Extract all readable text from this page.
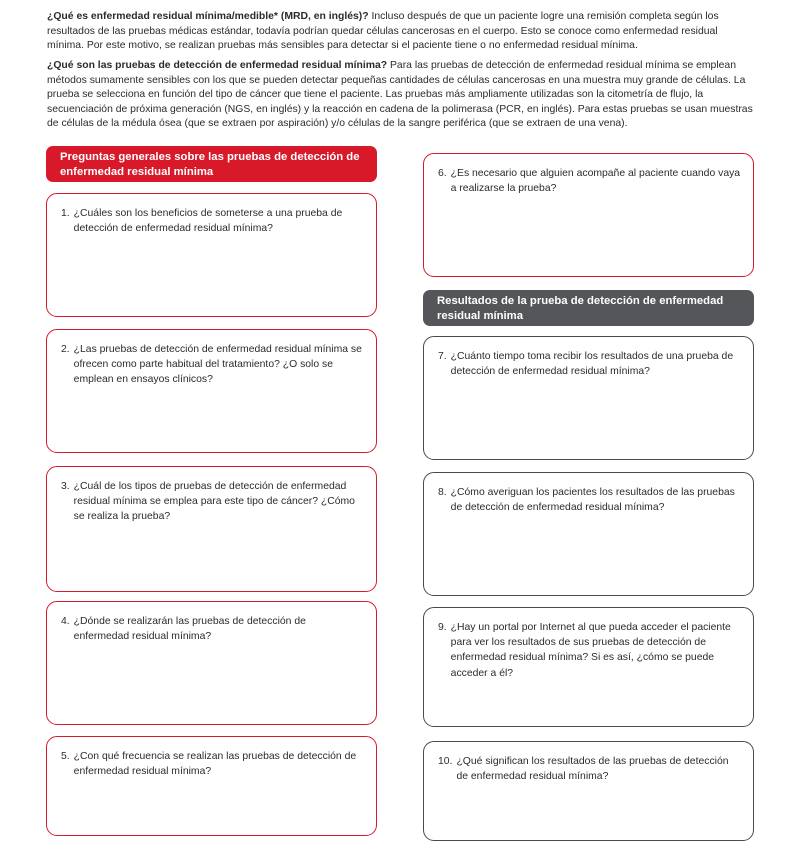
¿Qué es enfermedad residual mínima/medible* (MRD, en inglés)? Incluso después de que un paciente logre una remisión completa según los resultados de las pruebas médicas estándar, todavía podrían quedar células cancerosas en el cuerpo. Esto se conoce como enfermedad residual mínima. Por este motivo, se realizan pruebas más sensibles para detectar si el paciente tiene o no enfermedad residual mínima.

¿Qué son las pruebas de detección de enfermedad residual mínima? Para las pruebas de detección de enfermedad residual mínima se emplean métodos sumamente sensibles con los que se pueden detectar pequeñas cantidades de células cancerosas en una muestra muy grande de células. La prueba se selecciona en función del tipo de cáncer que tiene el paciente. Las pruebas más ampliamente utilizadas son la citometría de flujo, la secuenciación de próxima generación (NGS, en inglés) y la reacción en cadena de la polimerasa (PCR, en inglés). Para estas pruebas se usan muestras de células de la médula ósea (que se extraen por aspiración) y/o células de la sangre periférica (que se extraen de una vena).

Preguntas generales sobre las pruebas de detección de enfermedad residual mínima
Resultados de la prueba de detección de enfermedad residual mínima
1. ¿Cuáles son los beneficios de someterse a una prueba de detección de enfermedad residual mínima?
2. ¿Las pruebas de detección de enfermedad residual mínima se ofrecen como parte habitual del tratamiento? ¿O solo se emplean en ensayos clínicos?
3. ¿Cuál de los tipos de pruebas de detección de enfermedad residual mínima se emplea para este tipo de cáncer? ¿Cómo se realiza la prueba?
4. ¿Dónde se realizarán las pruebas de detección de enfermedad residual mínima?
5. ¿Con qué frecuencia se realizan las pruebas de detección de enfermedad residual mínima?
6. ¿Es necesario que alguien acompañe al paciente cuando vaya a realizarse la prueba?
7. ¿Cuánto tiempo toma recibir los resultados de una prueba de detección de enfermedad residual mínima?
8. ¿Cómo averiguan los pacientes los resultados de las pruebas de detección de enfermedad residual mínima?
9. ¿Hay un portal por Internet al que pueda acceder el paciente para ver los resultados de sus pruebas de detección de enfermedad residual mínima? Si es así, ¿cómo se puede acceder a él?
10. ¿Qué significan los resultados de las pruebas de detección de enfermedad residual mínima?
